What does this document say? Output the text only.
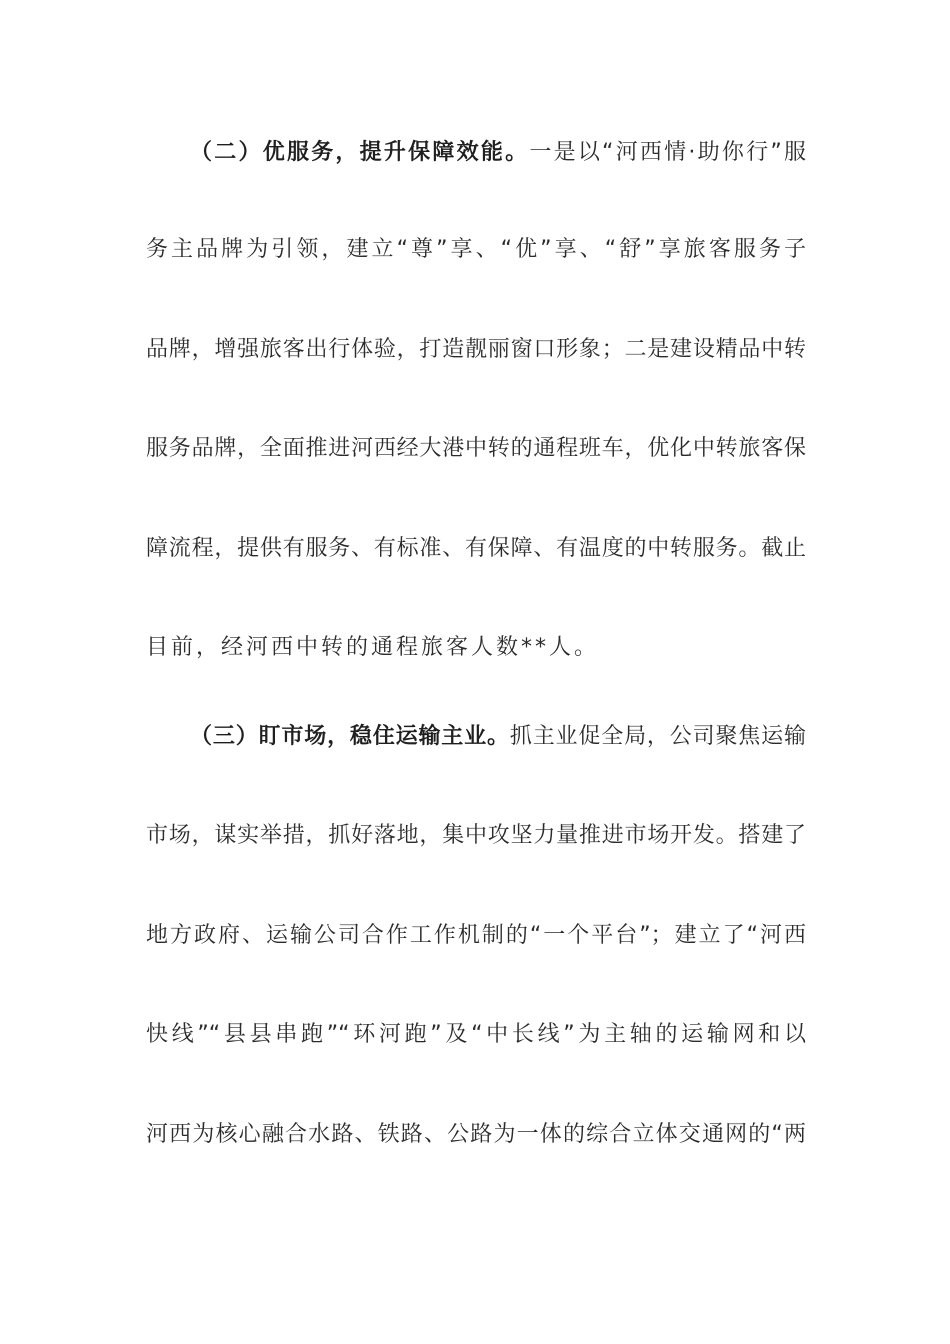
（二）优服务，提升保障效能。一是以“河西情·助你行”服
务主品牌为引领，建立“尊”享、“优”享、“舒”享旅客服务子
品牌，增强旅客出行体验，打造靓丽窗口形象；二是建设精品中转
服务品牌，全面推进河西经大港中转的通程班车，优化中转旅客保
障流程，提供有服务、有标准、有保障、有温度的中转服务。截止
目前，经河西中转的通程旅客人数**人。
（三）盯市场，稳住运输主业。抓主业促全局，公司聚焦运输
市场，谋实举措，抓好落地，集中攻坚力量推进市场开发。搭建了
地方政府、运输公司合作工作机制的“一个平台”；建立了“河西
快线”“县县串跑”“环河跑”及“中长线”为主轴的运输网和以
河西为核心融合水路、铁路、公路为一体的综合立体交通网的“两
